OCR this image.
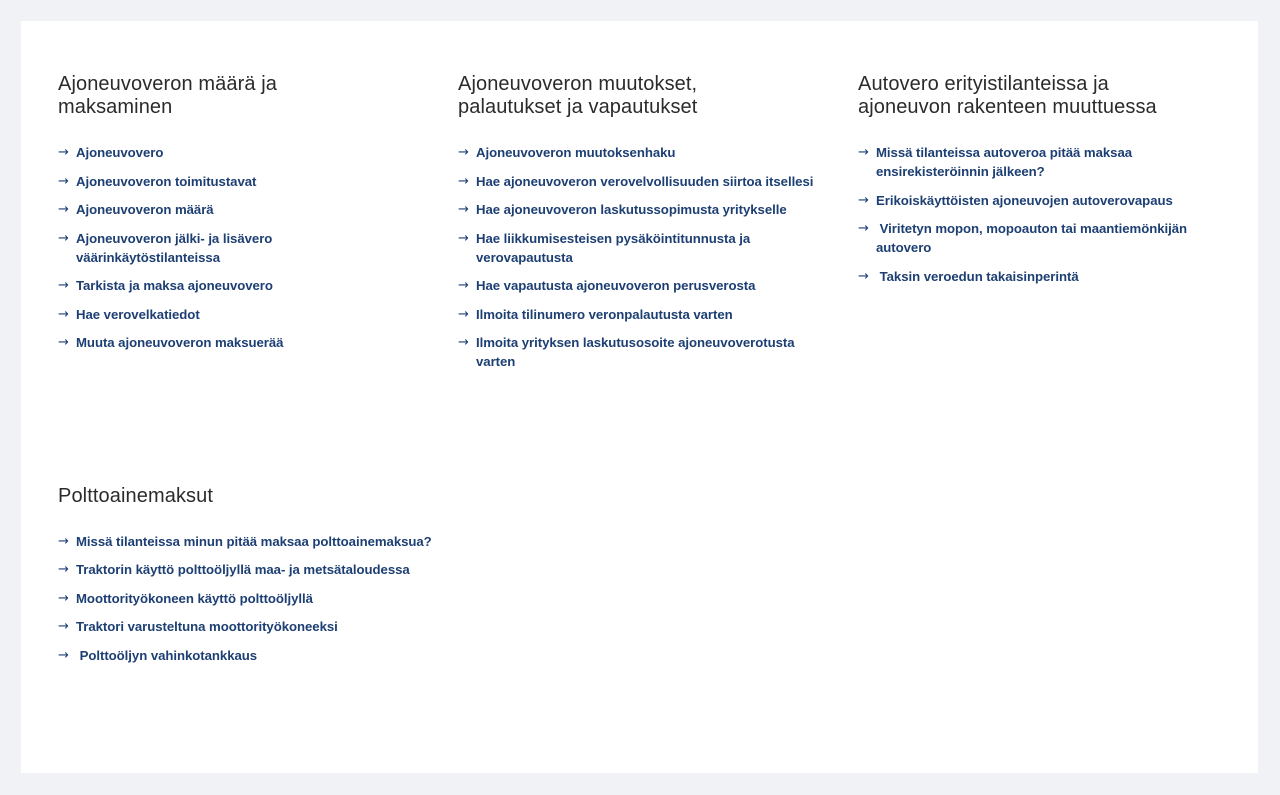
Ajoneuvoveron määrä ja maksaminen
→ Ajoneuvovero
→ Ajoneuvoveron toimitustavat
→ Ajoneuvoveron määrä
→ Ajoneuvoveron jälki- ja lisävero väärinkäytöstilanteissa
→ Tarkista ja maksa ajoneuvovero
→ Hae verovelkatiedot
→ Muuta ajoneuvoveron maksuerää
Ajoneuvoveron muutokset, palautukset ja vapautukset
→ Ajoneuvoveron muutoksenhaku
→ Hae ajoneuvoveron verovelvollisuuden siirtoa itsellesi
→ Hae ajoneuvoveron laskutussopimusta yritykselle
→ Hae liikkumisesteisen pysäköintitunnusta ja verovapautusta
→ Hae vapautusta ajoneuvoveron perusverosta
→ Ilmoita tilinumero veronpalautusta varten
→ Ilmoita yrityksen laskutusosoite ajoneuvoverotusta varten
Autovero erityistilanteissa ja ajoneuvon rakenteen muuttuessa
→ Missä tilanteissa autoveroa pitää maksaa ensirekisteröinnin jälkeen?
→ Erikoiskäyttöisten ajoneuvojen autoverovapaus
→ Viritetyn mopon, mopoauton tai maantiemönkijän autovero
→ Taksin veroedun takaisinperintä
Polttoainemaksut
→ Missä tilanteissa minun pitää maksaa polttoainemaksua?
→ Traktorin käyttö polttoöljyllä maa- ja metsätaloudessa
→ Moottorityökoneen käyttö polttoöljyllä
→ Traktori varusteltuna moottorityökoneeksi
→ Polttoöljyn vahinkotankkaus
